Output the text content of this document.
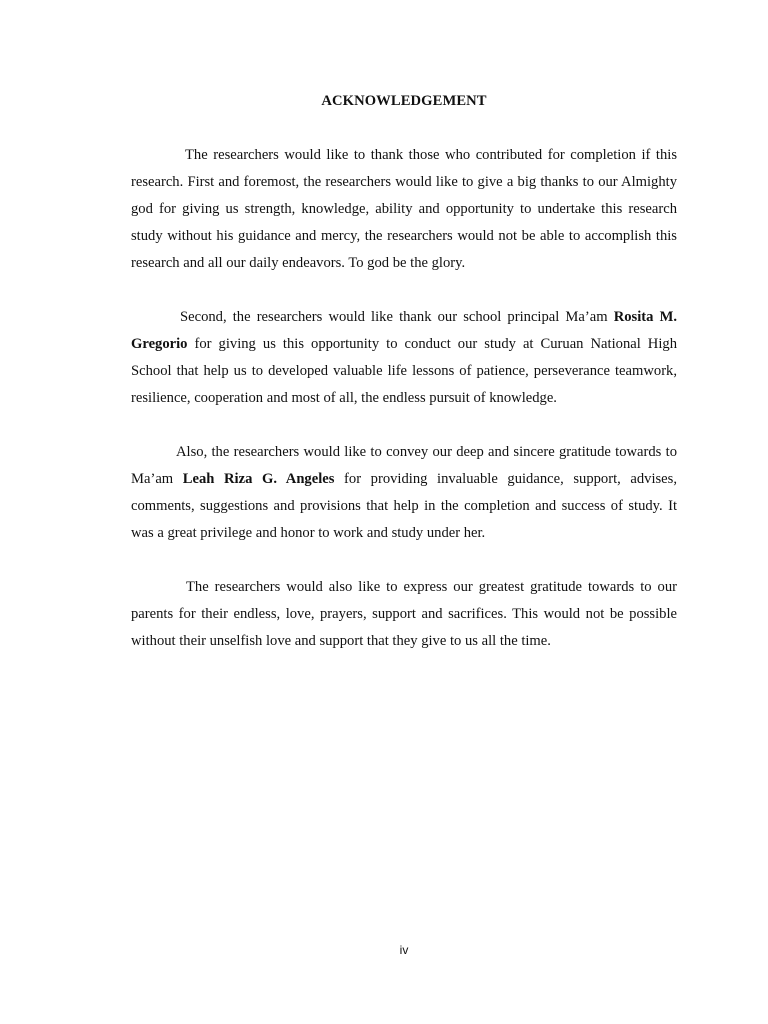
ACKNOWLEDGEMENT

The researchers would like to thank those who contributed for completion if this research. First and foremost, the researchers would like to give a big thanks to our Almighty god for giving us strength, knowledge, ability and opportunity to undertake this research study without his guidance and mercy, the researchers would not be able to accomplish this research and all our daily endeavors. To god be the glory.

Second, the researchers would like thank our school principal Ma’am Rosita M. Gregorio for giving us this opportunity to conduct our study at Curuan National High School that help us to developed valuable life lessons of patience, perseverance teamwork, resilience, cooperation and most of all, the endless pursuit of knowledge.

Also, the researchers would like to convey our deep and sincere gratitude towards to Ma’am Leah Riza G. Angeles for providing invaluable guidance, support, advises, comments, suggestions and provisions that help in the completion and success of study. It was a great privilege and honor to work and study under her.

The researchers would also like to express our greatest gratitude towards to our parents for their endless, love, prayers, support and sacrifices. This would not be possible without their unselfish love and support that they give to us all the time.

iv
